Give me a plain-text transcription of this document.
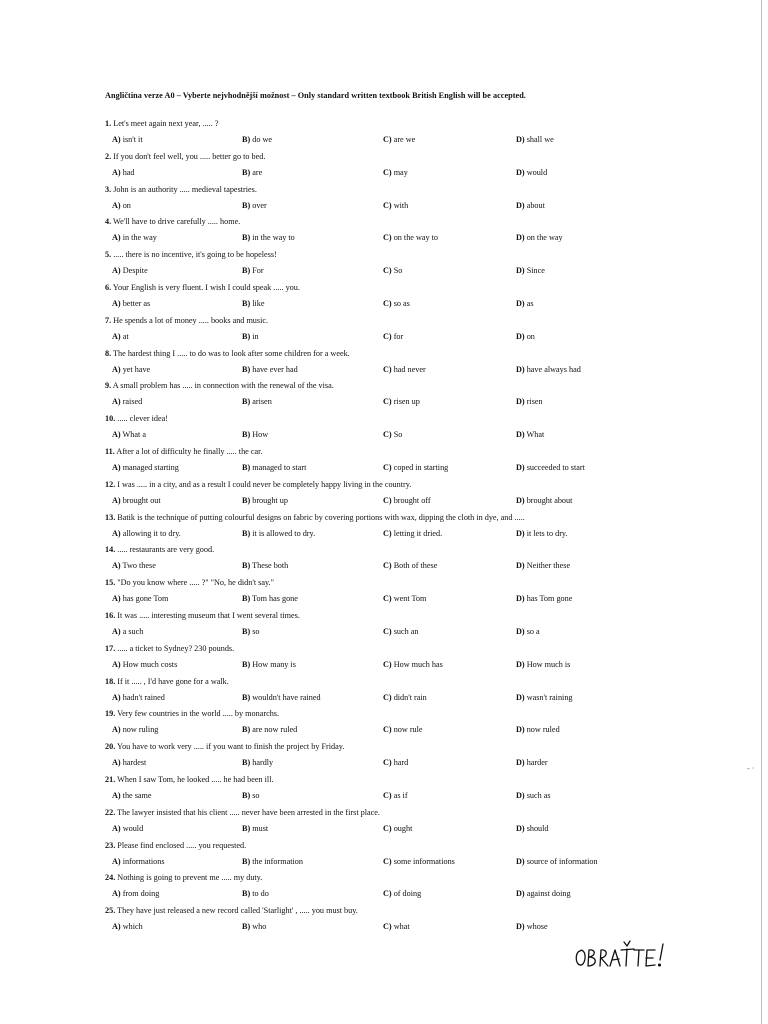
Angličtina verze A0 – Vyberte nejvhodnější možnost – Only standard written textbook British English will be accepted.
1. Let's meet again next year, ..... ?
A) isn't it	B) do we	C) are we	D) shall we
2. If you don't feel well, you ..... better go to bed.
A) had	B) are	C) may	D) would
3. John is an authority ..... medieval tapestries.
A) on	B) over	C) with	D) about
4. We'll have to drive carefully ..... home.
A) in the way	B) in the way to	C) on the way to	D) on the way
5. ..... there is no incentive, it's going to be hopeless!
A) Despite	B) For	C) So	D) Since
6. Your English is very fluent. I wish I could speak ..... you.
A) better as	B) like	C) so as	D) as
7. He spends a lot of money ..... books and music.
A) at	B) in	C) for	D) on
8. The hardest thing I ..... to do was to look after some children for a week.
A) yet have	B) have ever had	C) had never	D) have always had
9. A small problem has ..... in connection with the renewal of the visa.
A) raised	B) arisen	C) risen up	D) risen
10. ..... clever idea!
A) What a	B) How	C) So	D) What
11. After a lot of difficulty he finally ..... the car.
A) managed starting	B) managed to start	C) coped in starting	D) succeeded to start
12. I was ..... in a city, and as a result I could never be completely happy living in the country.
A) brought out	B) brought up	C) brought off	D) brought about
13. Batik is the technique of putting colourful designs on fabric by covering portions with wax, dipping the cloth in dye, and .....
A) allowing it to dry.	B) it is allowed to dry.	C) letting it dried.	D) it lets to dry.
14. ..... restaurants are very good.
A) Two these	B) These both	C) Both of these	D) Neither these
15. "Do you know where ..... ?" "No, he didn't say."
A) has gone Tom	B) Tom has gone	C) went Tom	D) has Tom gone
16. It was ..... interesting museum that I went several times.
A) a such	B) so	C) such an	D) so a
17. ..... a ticket to Sydney? 230 pounds.
A) How much costs	B) How many is	C) How much has	D) How much is
18. If it ..... , I'd have gone for a walk.
A) hadn't rained	B) wouldn't have rained	C) didn't rain	D) wasn't raining
19. Very few countries in the world ..... by monarchs.
A) now ruling	B) are now ruled	C) now rule	D) now ruled
20. You have to work very ..... if you want to finish the project by Friday.
A) hardest	B) hardly	C) hard	D) harder
21. When I saw Tom, he looked ..... he had been ill.
A) the same	B) so	C) as if	D) such as
22. The lawyer insisted that his client ..... never have been arrested in the first place.
A) would	B) must	C) ought	D) should
23. Please find enclosed ..... you requested.
A) informations	B) the information	C) some informations	D) source of information
24. Nothing is going to prevent me ..... my duty.
A) from doing	B) to do	C) of doing	D) against doing
25. They have just released a new record called 'Starlight' , ..... you must buy.
A) which	B) who	C) what	D) whose
- ·
